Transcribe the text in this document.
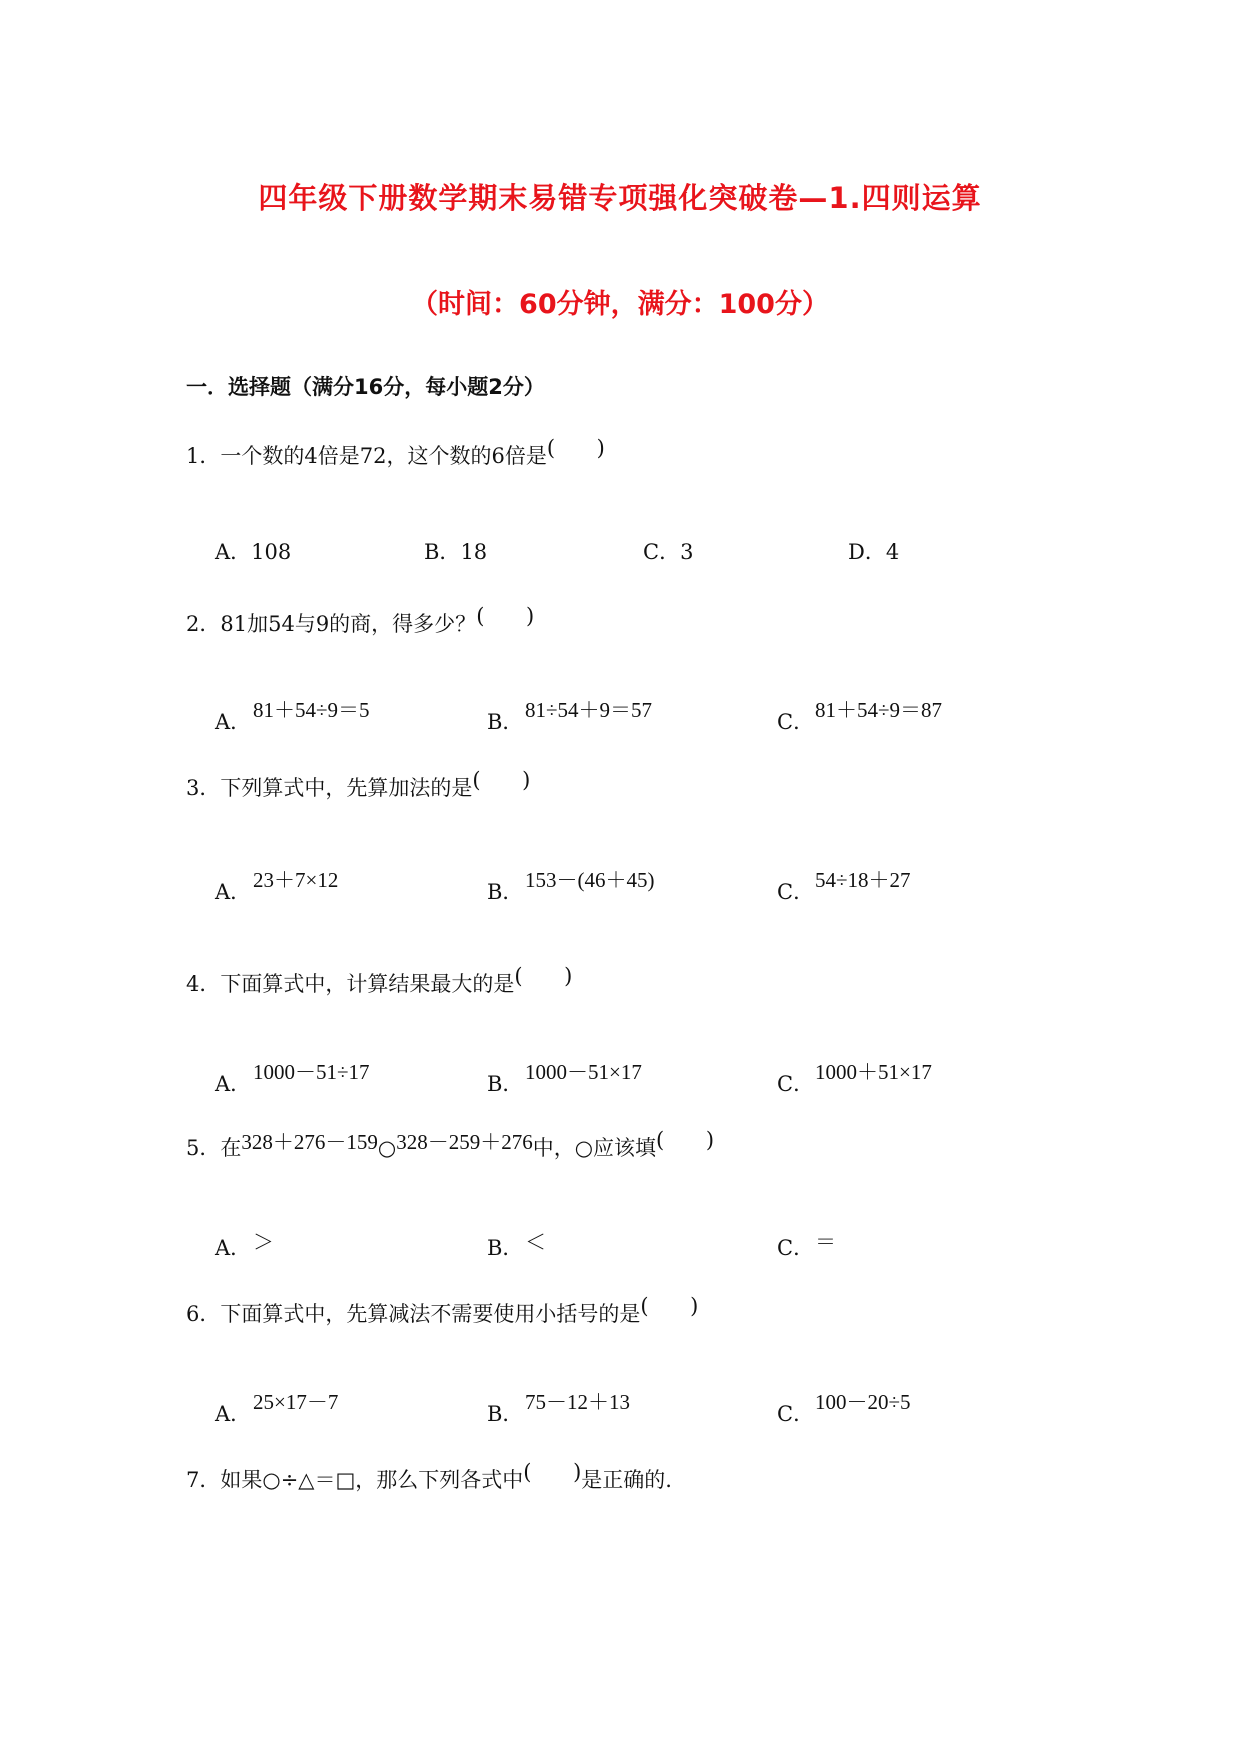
四年级下册数学期末易错专项强化突破卷—1.四则运算
（时间：60分钟，满分：100分）
一．选择题（满分16分，每小题2分）
1．一个数的4倍是72，这个数的6倍是( )
A．108	B．18	C．3	D．4
2．81加54与9的商，得多少？( )
A．81＋54÷9＝5	B．81÷54＋9＝57	C．81＋54÷9＝87
3．下列算式中，先算加法的是( )
A．23＋7×12	B．153－(46＋45)	C．54÷18＋27
4．下面算式中，计算结果最大的是( )
A．1000－51÷17	B．1000－51×17	C．1000＋51×17
5．在328＋276－159○328－259＋276中，○应该填( )
A．＞	B．＜	C．＝
6．下面算式中，先算减法不需要使用小括号的是( )
A．25×17－7	B．75－12＋13	C．100－20÷5
7．如果○÷△＝□，那么下列各式中( ) 是正确的.
